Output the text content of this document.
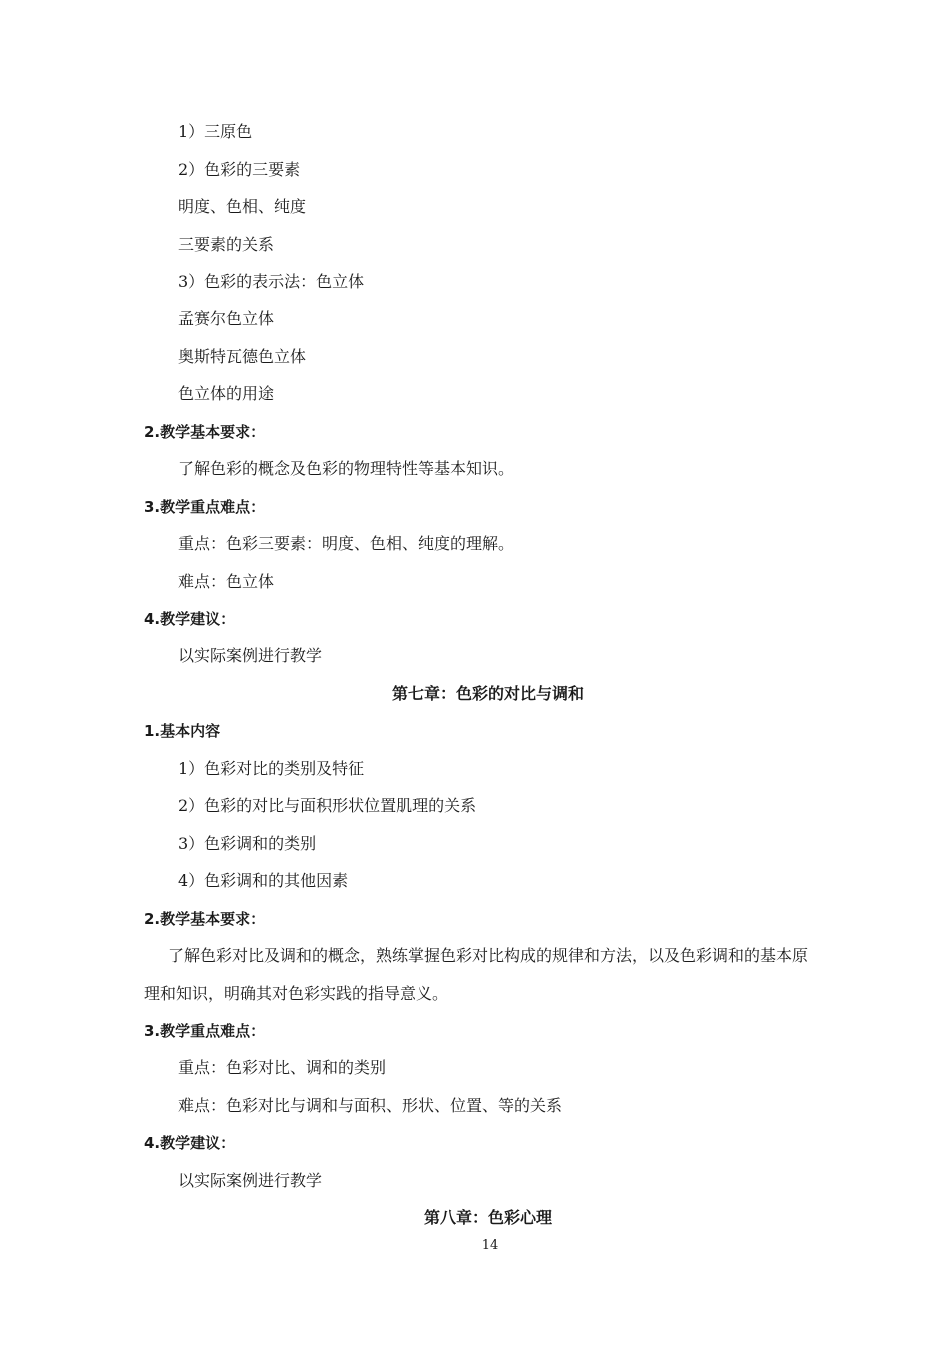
1）三原色
2）色彩的三要素
明度、色相、纯度
三要素的关系
3）色彩的表示法：色立体
孟赛尔色立体
奥斯特瓦德色立体
色立体的用途
2.教学基本要求：
了解色彩的概念及色彩的物理特性等基本知识。
3.教学重点难点：
重点：色彩三要素：明度、色相、纯度的理解。
难点：色立体
4.教学建议：
以实际案例进行教学
第七章：色彩的对比与调和
1.基本内容
1）色彩对比的类别及特征
2）色彩的对比与面积形状位置肌理的关系
3）色彩调和的类别
4）色彩调和的其他因素
2.教学基本要求：
了解色彩对比及调和的概念，熟练掌握色彩对比构成的规律和方法，以及色彩调和的基本原
理和知识，明确其对色彩实践的指导意义。
3.教学重点难点：
重点：色彩对比、调和的类别
难点：色彩对比与调和与面积、形状、位置、等的关系
4.教学建议：
以实际案例进行教学
第八章：色彩心理
14
